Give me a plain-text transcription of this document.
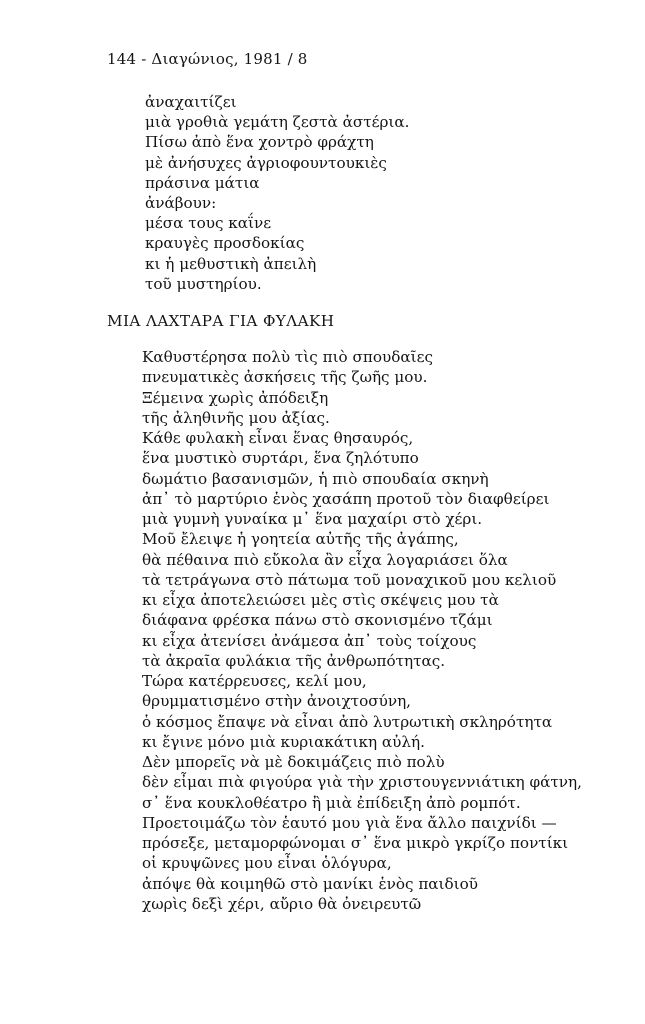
144 - Διαγώνιος, 1981 / 8
ἀναχαιτίζει
μιὰ γροθιὰ γεμάτη ζεστὰ ἀστέρια.
Πίσω ἀπὸ ἕνα χοντρὸ φράχτη
μὲ ἀνήσυχες ἀγριοφουντουκιὲς
πράσινα μάτια
ἀνάβουν:
μέσα τους καΐνε
κραυγὲς προσδοκίας
κι ἡ μεθυστικὴ ἀπειλὴ
τοῦ μυστηρίου.
ΜΙΑ ΛΑΧΤΑΡΑ ΓΙΑ ΦΥΛΑΚΗ
Καθυστέρησα πολὺ τὶς πιὸ σπουδαῖες
πνευματικὲς ἀσκήσεις τῆς ζωῆς μου.
Ξέμεινα χωρὶς ἀπόδειξη
τῆς ἀληθινῆς μου ἀξίας.
Κάθε φυλακὴ εἶναι ἕνας θησαυρός,
ἕνα μυστικὸ συρτάρι, ἕνα ζηλότυπο
δωμάτιο βασανισμῶν, ἡ πιὸ σπουδαία σκηνὴ
ἀπ᾽ τὸ μαρτύριο ἑνὸς χασάπη προτοῦ τὸν διαφθείρει
μιὰ γυμνὴ γυναίκα μ᾽ ἕνα μαχαίρι στὸ χέρι.
Μοῦ ἔλειψε ἡ γοητεία αὐτῆς τῆς ἀγάπης,
θὰ πέθαινα πιὸ εὔκολα ἂν εἶχα λογαριάσει ὅλα
τὰ τετράγωνα στὸ πάτωμα τοῦ μοναχικοῦ μου κελιοῦ
κι εἶχα ἀποτελειώσει μὲς στὶς σκέψεις μου τὰ
διάφανα φρέσκα πάνω στὸ σκονισμένο τζάμι
κι εἶχα ἀτενίσει ἀνάμεσα ἀπ᾽ τοὺς τοίχους
τὰ ἀκραῖα φυλάκια τῆς ἀνθρωπότητας.
Τώρα κατέρρευσες, κελί μου,
θρυμματισμένο στὴν ἀνοιχτοσύνη,
ὁ κόσμος ἔπαψε νὰ εἶναι ἀπὸ λυτρωτικὴ σκληρότητα
κι ἔγινε μόνο μιὰ κυριακάτικη αὐλή.
Δὲν μπορεῖς νὰ μὲ δοκιμάζεις πιὸ πολὺ
δὲν εἶμαι πιὰ φιγούρα γιὰ τὴν χριστουγεννιάτικη φάτνη,
σ᾽ ἕνα κουκλοθέατρο ἢ μιὰ ἐπίδειξη ἀπὸ ρομπότ.
Προετοιμάζω τὸν ἑαυτό μου γιὰ ἕνα ἄλλο παιχνίδι —
πρόσεξε, μεταμορφώνομαι σ᾽ ἕνα μικρὸ γκρίζο ποντίκι
οἱ κρυψῶνες μου εἶναι ὁλόγυρα,
ἀπόψε θὰ κοιμηθῶ στὸ μανίκι ἑνὸς παιδιοῦ
χωρὶς δεξὶ χέρι, αὔριο θὰ ὀνειρευτῶ
